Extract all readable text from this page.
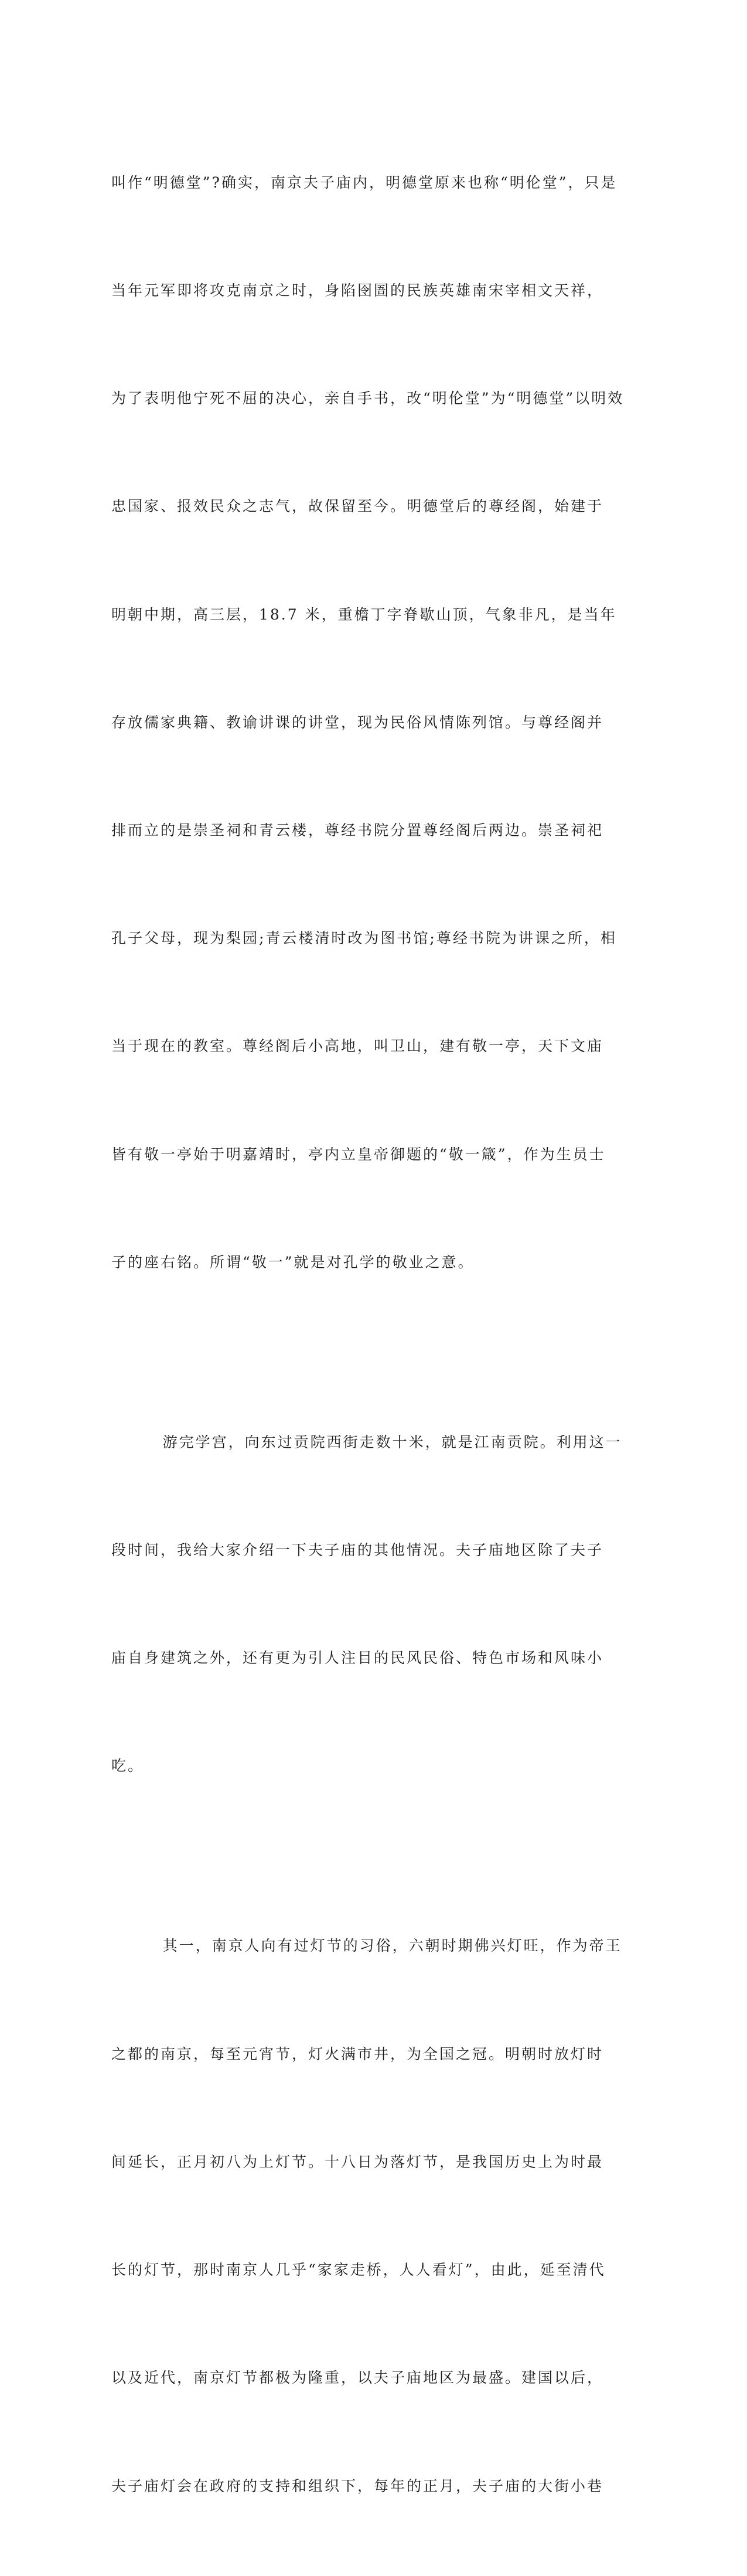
叫作“明德堂”?确实，南京夫子庙内，明德堂原来也称“明伦堂”，只是

当年元军即将攻克南京之时，身陷囹圄的民族英雄南宋宰相文天祥，

为了表明他宁死不屈的决心，亲自手书，改“明伦堂”为“明德堂”以明效

忠国家、报效民众之志气，故保留至今。明德堂后的尊经阁，始建于

明朝中期，高三层，18.7 米，重檐丁字脊歇山顶，气象非凡，是当年

存放儒家典籍、教谕讲课的讲堂，现为民俗风情陈列馆。与尊经阁并

排而立的是崇圣祠和青云楼，尊经书院分置尊经阁后两边。崇圣祠祀

孔子父母，现为梨园;青云楼清时改为图书馆;尊经书院为讲课之所，相

当于现在的教室。尊经阁后小高地，叫卫山，建有敬一亭，天下文庙

皆有敬一亭始于明嘉靖时，亭内立皇帝御题的“敬一箴”，作为生员士

子的座右铭。所谓“敬一”就是对孔学的敬业之意。

游完学宫，向东过贡院西街走数十米，就是江南贡院。利用这一

段时间，我给大家介绍一下夫子庙的其他情况。夫子庙地区除了夫子

庙自身建筑之外，还有更为引人注目的民风民俗、特色市场和风味小

吃。

其一，南京人向有过灯节的习俗，六朝时期佛兴灯旺，作为帝王

之都的南京，每至元宵节，灯火满市井，为全国之冠。明朝时放灯时

间延长，正月初八为上灯节。十八日为落灯节，是我国历史上为时最

长的灯节，那时南京人几乎“家家走桥，人人看灯”，由此，延至清代

以及近代，南京灯节都极为隆重，以夫子庙地区为最盛。建国以后，

夫子庙灯会在政府的支持和组织下，每年的正月，夫子庙的大街小巷
